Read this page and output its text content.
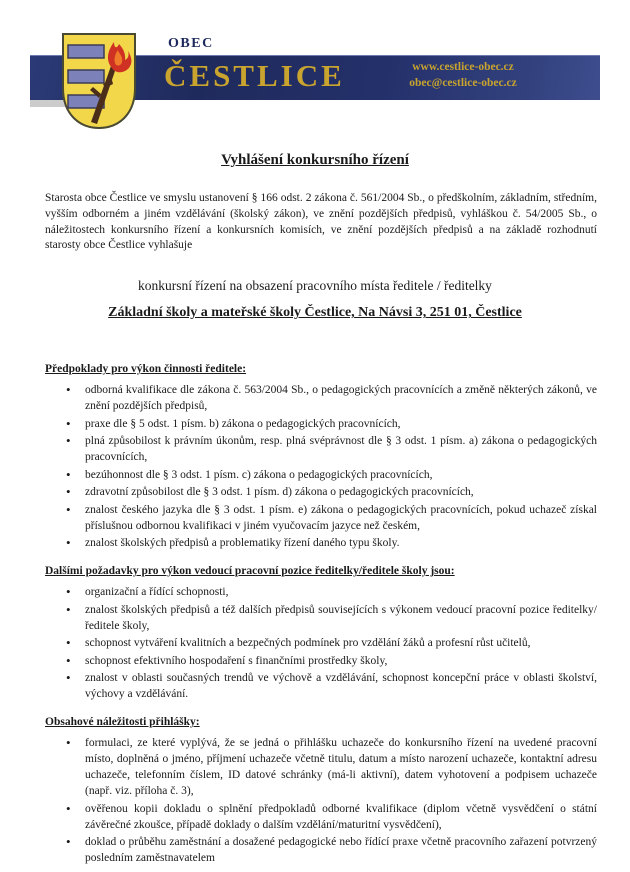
OBEC
ČESTLICE	www.cestlice-obec.cz
obec@cestlice-obec.cz
Vyhlášení konkursního řízení

Starosta obce Čestlice ve smyslu ustanovení § 166 odst. 2 zákona č. 561/2004 Sb., o předškolním, základním, středním, vyšším odborném a jiném vzdělávání (školský zákon), ve znění pozdějších předpisů, vyhláškou č. 54/2005 Sb., o náležitostech konkursního řízení a konkursních komisích, ve znění pozdějších předpisů a na základě rozhodnutí starosty obce Čestlice vyhlašuje

konkursní řízení na obsazení pracovního místa ředitele / ředitelky
Základní školy a mateřské školy Čestlice, Na Návsi 3, 251 01, Čestlice
Předpoklady pro výkon činnosti ředitele:
• odborná kvalifikace dle zákona č. 563/2004 Sb., o pedagogických pracovnících a změně některých zákonů, ve znění pozdějších předpisů,
• praxe dle § 5 odst. 1 písm. b) zákona o pedagogických pracovnících,
• plná způsobilost k právním úkonům, resp. plná svéprávnost dle § 3 odst. 1 písm. a) zákona o pedagogických pracovnících,
• bezúhonnost dle § 3 odst. 1 písm. c) zákona o pedagogických pracovnících,
• zdravotní způsobilost dle § 3 odst. 1 písm. d) zákona o pedagogických pracovnících,
• znalost českého jazyka dle § 3 odst. 1 písm. e) zákona o pedagogických pracovnících, pokud uchazeč získal příslušnou odbornou kvalifikaci v jiném vyučovacím jazyce než českém,
• znalost školských předpisů a problematiky řízení daného typu školy.
Dalšími požadavky pro výkon vedoucí pracovní pozice ředitelky/ředitele školy jsou:
• organizační a řídící schopnosti,
• znalost školských předpisů a též dalších předpisů souvisejících s výkonem vedoucí pracovní pozice ředitelky/ředitele školy,
• schopnost vytváření kvalitních a bezpečných podmínek pro vzdělání žáků a profesní růst učitelů,
• schopnost efektivního hospodaření s finančními prostředky školy,
• znalost v oblasti současných trendů ve výchově a vzdělávání, schopnost koncepční práce v oblasti školství, výchovy a vzdělávání.
Obsahové náležitosti přihlášky:
• formulaci, ze které vyplývá, že se jedná o přihlášku uchazeče do konkursního řízení na uvedené pracovní místo, doplněná o jméno, příjmení uchazeče včetně titulu, datum a místo narození uchazeče, kontaktní adresu uchazeče, telefonním číslem, ID datové schránky (má-li aktivní), datem vyhotovení a podpisem uchazeče (např. viz. příloha č. 3),
• ověřenou kopii dokladu o splnění předpokladů odborné kvalifikace (diplom včetně vysvědčení o státní závěrečné zkoušce, případě doklady o dalším vzdělání/maturitní vysvědčení),
• doklad o průběhu zaměstnání a dosažené pedagogické nebo řídící praxe včetně pracovního zařazení potvrzený posledním zaměstnavatelem
